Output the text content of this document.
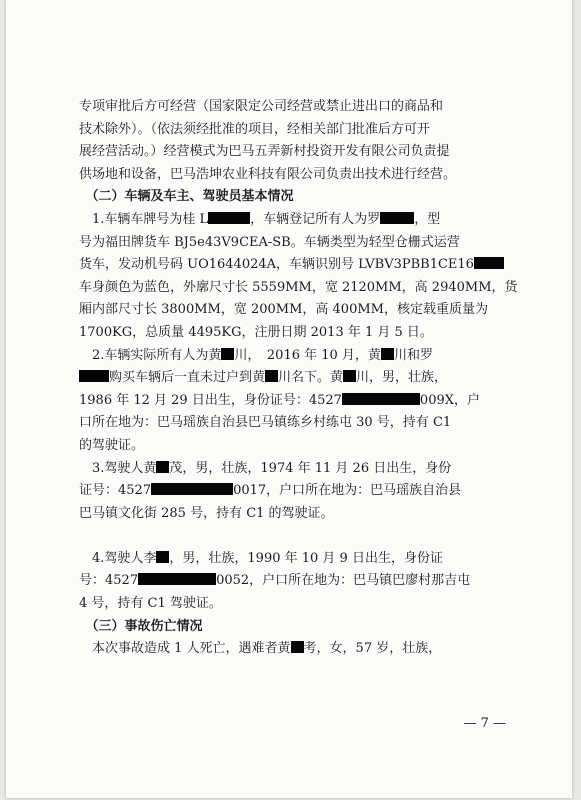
专项审批后方可经营（国家限定公司经营或禁止进出口的商品和
技术除外）。（依法须经批准的项目，经相关部门批准后方可开
展经营活动。）经营模式为巴马五弄新村投资开发有限公司负责提
供场地和设备，巴马浩坤农业科技有限公司负责出技术进行经营。
　（二）车辆及车主、驾驶员基本情况
　1.车辆车牌号为桂 L	，车辆登记所有人为罗	，型
号为福田牌货车 BJ5e43V9CEA-SB。车辆类型为轻型仓栅式运营
货车，发动机号码 UO1644024A，车辆识别号 LVBV3PBB1CE16
车身颜色为蓝色，外廓尺寸长 5559MM，宽 2120MM，高 2940MM，货
厢内部尺寸长 3800MM，宽 200MM，高 400MM，核定载重质量为
1700KG，总质量 4495KG，注册日期 2013 年 1 月 5 日。
　2.车辆实际所有人为黄 川，　2016 年 10 月，黄 川和罗
购买车辆后一直未过户到黄 川名下。黄 川，男，壮族，
1986 年 12 月 29 日出生，身份证号：4527	009X，户
口所在地为：巴马瑶族自治县巴马镇练乡村练屯 30 号，持有 C1
的驾驶证。
　3.驾驶人黄 茂，男，壮族，1974 年 11 月 26 日出生，身份
证号：4527	0017，户口所在地为：巴马瑶族自治县
巴马镇文化街 285 号，持有 C1 的驾驶证。
　4.驾驶人李 ，男，壮族，1990 年 10 月 9 日出生，身份证
号：4527	0052，户口所在地为：巴马镇巴廖村那吉屯
4 号，持有 C1 驾驶证。
　（三）事故伤亡情况
　本次事故造成 1 人死亡，遇难者黄 考，女，57 岁，壮族，
— 7 —
